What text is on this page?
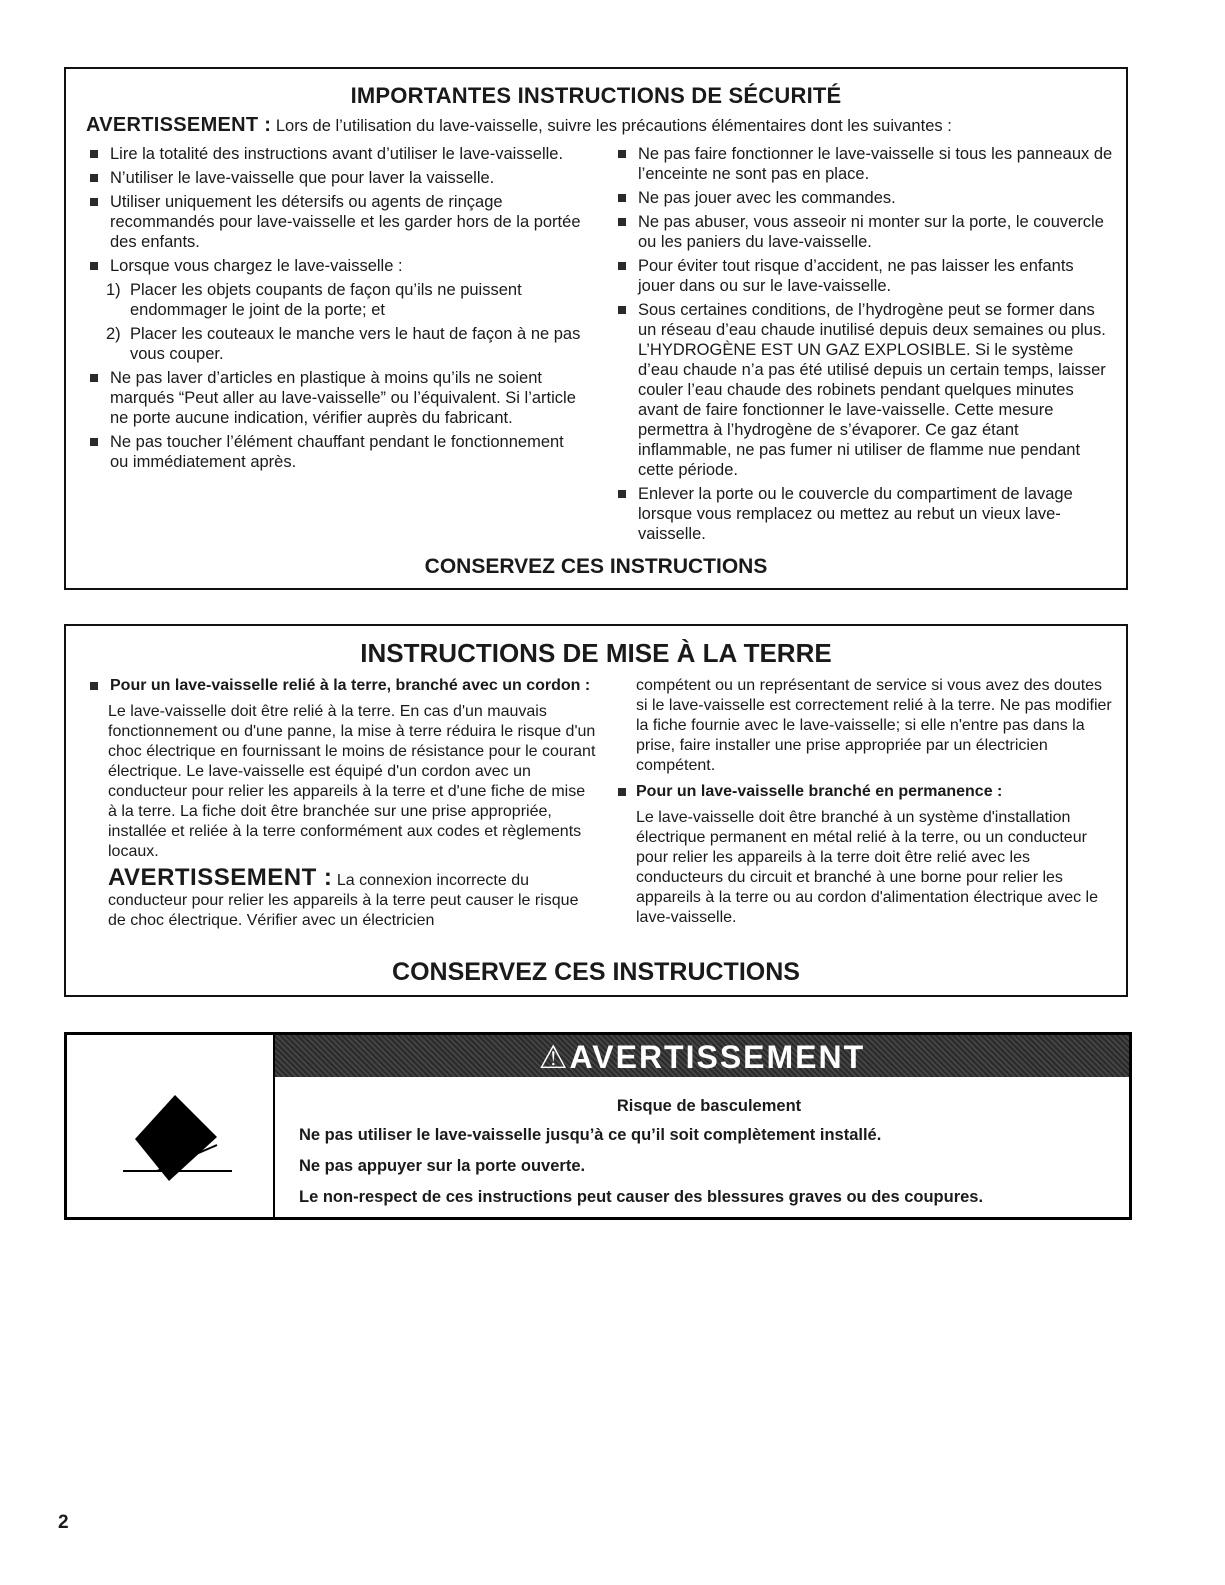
IMPORTANTES INSTRUCTIONS DE SÉCURITÉ
AVERTISSEMENT : Lors de l’utilisation du lave-vaisselle, suivre les précautions élémentaires dont les suivantes :
Lire la totalité des instructions avant d’utiliser le lave-vaisselle.
N’utiliser le lave-vaisselle que pour laver la vaisselle.
Utiliser uniquement les détersifs ou agents de rinçage recommandés pour lave-vaisselle et les garder hors de la portée des enfants.
Lorsque vous chargez le lave-vaisselle :
1) Placer les objets coupants de façon qu’ils ne puissent endommager le joint de la porte; et
2) Placer les couteaux le manche vers le haut de façon à ne pas vous couper.
Ne pas laver d’articles en plastique à moins qu’ils ne soient marqués “Peut aller au lave-vaisselle” ou l’équivalent. Si l’article ne porte aucune indication, vérifier auprès du fabricant.
Ne pas toucher l’élément chauffant pendant le fonctionnement ou immédiatement après.
Ne pas faire fonctionner le lave-vaisselle si tous les panneaux de l’enceinte ne sont pas en place.
Ne pas jouer avec les commandes.
Ne pas abuser, vous asseoir ni monter sur la porte, le couvercle ou les paniers du lave-vaisselle.
Pour éviter tout risque d’accident, ne pas laisser les enfants jouer dans ou sur le lave-vaisselle.
Sous certaines conditions, de l’hydrogène peut se former dans un réseau d’eau chaude inutilisé depuis deux semaines ou plus. L’HYDROGÈNE EST UN GAZ EXPLOSIBLE. Si le système d’eau chaude n’a pas été utilisé depuis un certain temps, laisser couler l’eau chaude des robinets pendant quelques minutes avant de faire fonctionner le lave-vaisselle. Cette mesure permettra à l’hydrogène de s’évaporer. Ce gaz étant inflammable, ne pas fumer ni utiliser de flamme nue pendant cette période.
Enlever la porte ou le couvercle du compartiment de lavage lorsque vous remplacez ou mettez au rebut un vieux lave-vaisselle.
CONSERVEZ CES INSTRUCTIONS
INSTRUCTIONS DE MISE À LA TERRE
Pour un lave-vaisselle relié à la terre, branché avec un cordon :
Le lave-vaisselle doit être relié à la terre. En cas d'un mauvais fonctionnement ou d'une panne, la mise à terre réduira le risque d'un choc électrique en fournissant le moins de résistance pour le courant électrique. Le lave-vaisselle est équipé d'un cordon avec un conducteur pour relier les appareils à la terre et d'une fiche de mise à la terre. La fiche doit être branchée sur une prise appropriée, installée et reliée à la terre conformément aux codes et règlements locaux.
AVERTISSEMENT : La connexion incorrecte du conducteur pour relier les appareils à la terre peut causer le risque de choc électrique. Vérifier avec un électricien
compétent ou un représentant de service si vous avez des doutes si le lave-vaisselle est correctement relié à la terre. Ne pas modifier la fiche fournie avec le lave-vaisselle; si elle n'entre pas dans la prise, faire installer une prise appropriée par un électricien compétent.
Pour un lave-vaisselle branché en permanence :
Le lave-vaisselle doit être branché à un système d'installation électrique permanent en métal relié à la terre, ou un conducteur pour relier les appareils à la terre doit être relié avec les conducteurs du circuit et branché à une borne pour relier les appareils à la terre ou au cordon d'alimentation électrique avec le lave-vaisselle.
CONSERVEZ CES INSTRUCTIONS
⚠AVERTISSEMENT
Risque de basculement
Ne pas utiliser le lave-vaisselle jusqu’à ce qu’il soit complètement installé.
Ne pas appuyer sur la porte ouverte.
Le non-respect de ces instructions peut causer des blessures graves ou des coupures.
2
